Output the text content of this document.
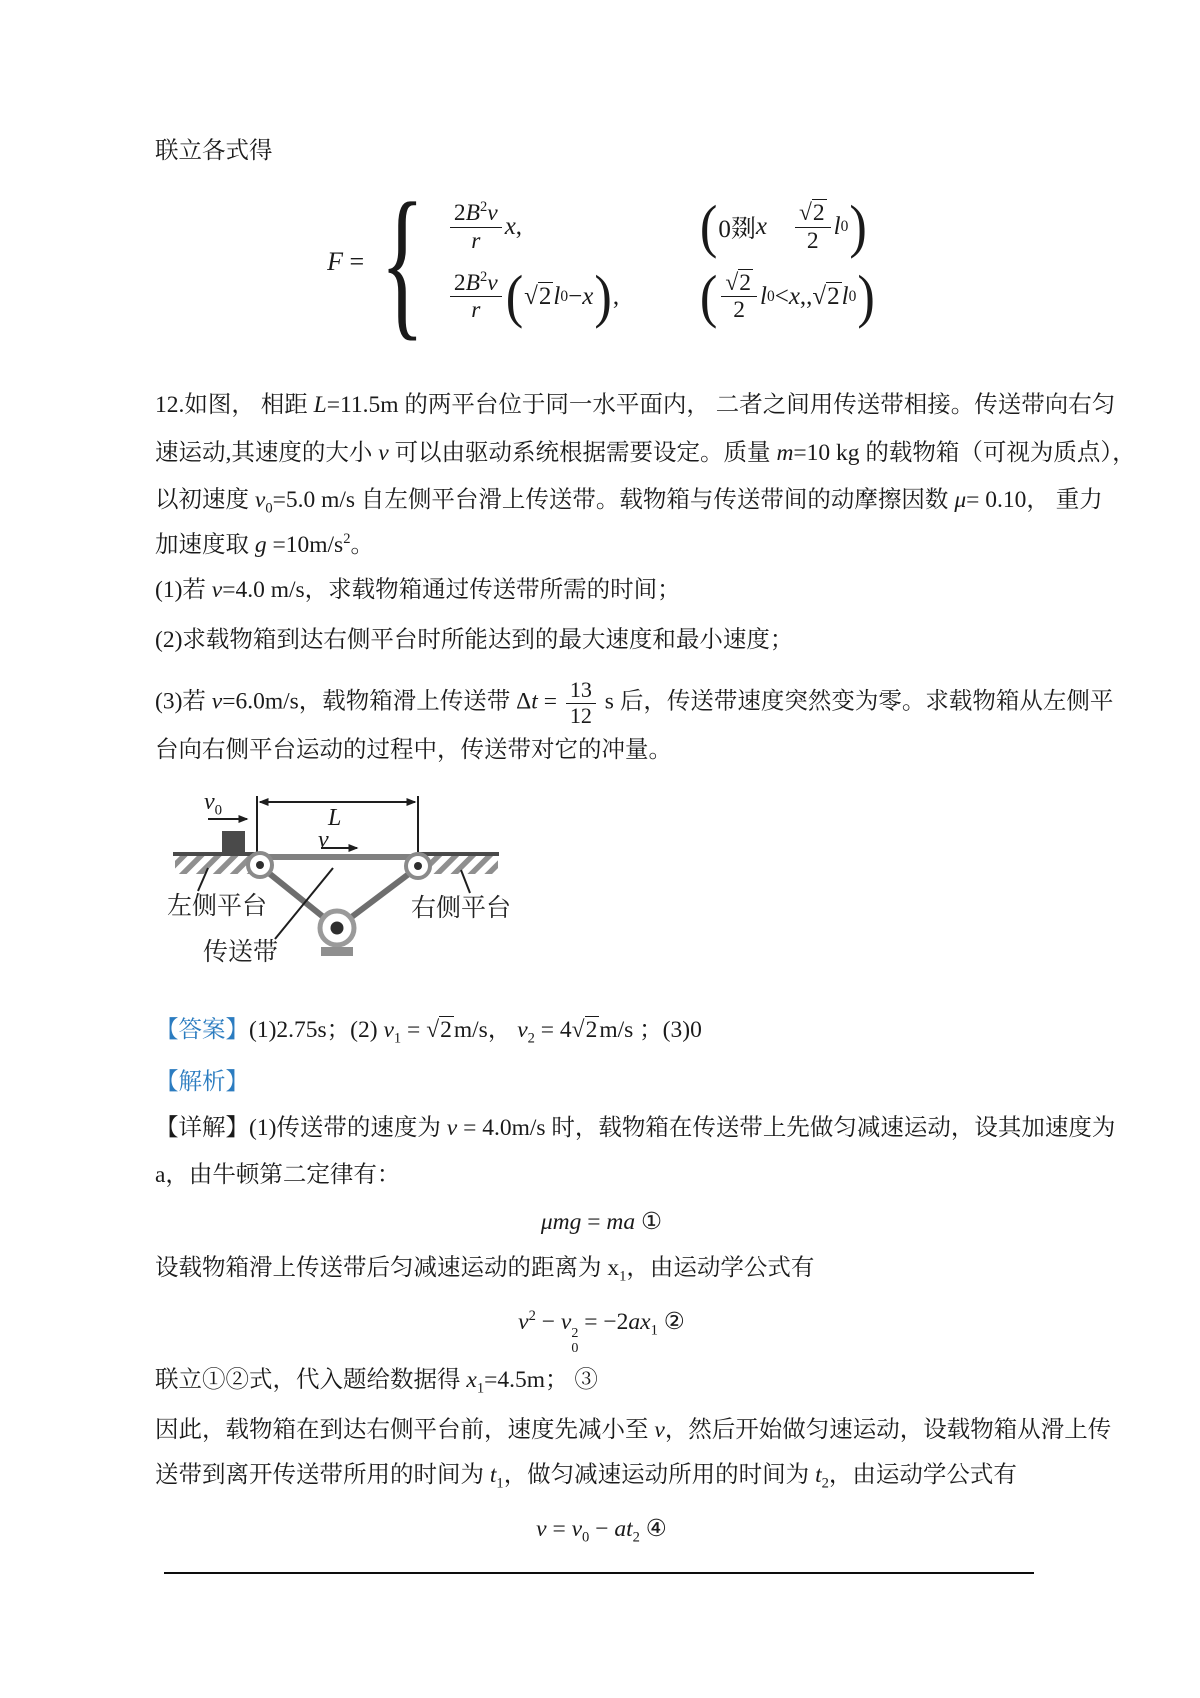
联立各式得
F = { $\frac{2B^2v}{r}$ x ,	( 0剟 x
   $\frac{√2}{2}$ l 0 )
$\frac{2B^2v}{r}$ ( √2 l 0 − x ) , ( $\frac{√2}{2}$ l 0 < x ,, √2 l 0 )
12.如图， 相距 L=11.5m 的两平台位于同一水平面内， 二者之间用传送带相接。传送带向右匀
速运动,其速度的大小 v 可以由驱动系统根据需要设定。质量 m=10 kg 的载物箱（可视为质点），
以初速度 $v_0=5.0$ m/s 自左侧平台滑上传送带。载物箱与传送带间的动摩擦因数 μ= 0.10， 重力
加速度取 $g =10m/s^2$。
(1)若 v=4.0 m/s，求载物箱通过传送带所需的时间；
(2)求载物箱到达右侧平台时所能达到的最大速度和最小速度；
(3)若 v=6.0m/s，载物箱滑上传送带 $\Delta t = \frac{13}{12}$ s 后，传送带速度突然变为零。求载物箱从左侧平
台向右侧平台运动的过程中，传送带对它的冲量。
$v_0$	L
v
左侧平台	右侧平台
传送带
【答案】(1)2.75s；(2) $v_1 = √2m/s$， $v_2 = 4√2m/s$ ；(3)0
【解析】
【详解】(1)传送带的速度为 v = 4.0m/s 时，载物箱在传送带上先做匀减速运动，设其加速度为
a，由牛顿第二定律有：
μmg = ma ①
设载物箱滑上传送带后匀减速运动的距离为 $x_1$，由运动学公式有
$v^2 - v$ 2
0
= $-2ax_1$ ②
联立①②式，代入题给数据得 $x_1=4.5m$； ③
因此，载物箱在到达右侧平台前，速度先减小至 v，然后开始做匀速运动，设载物箱从滑上传
送带到离开传送带所用的时间为 $t_1$，做匀减速运动所用的时间为 $t_2$，由运动学公式有
$v = v_0 - at_2$ ④
